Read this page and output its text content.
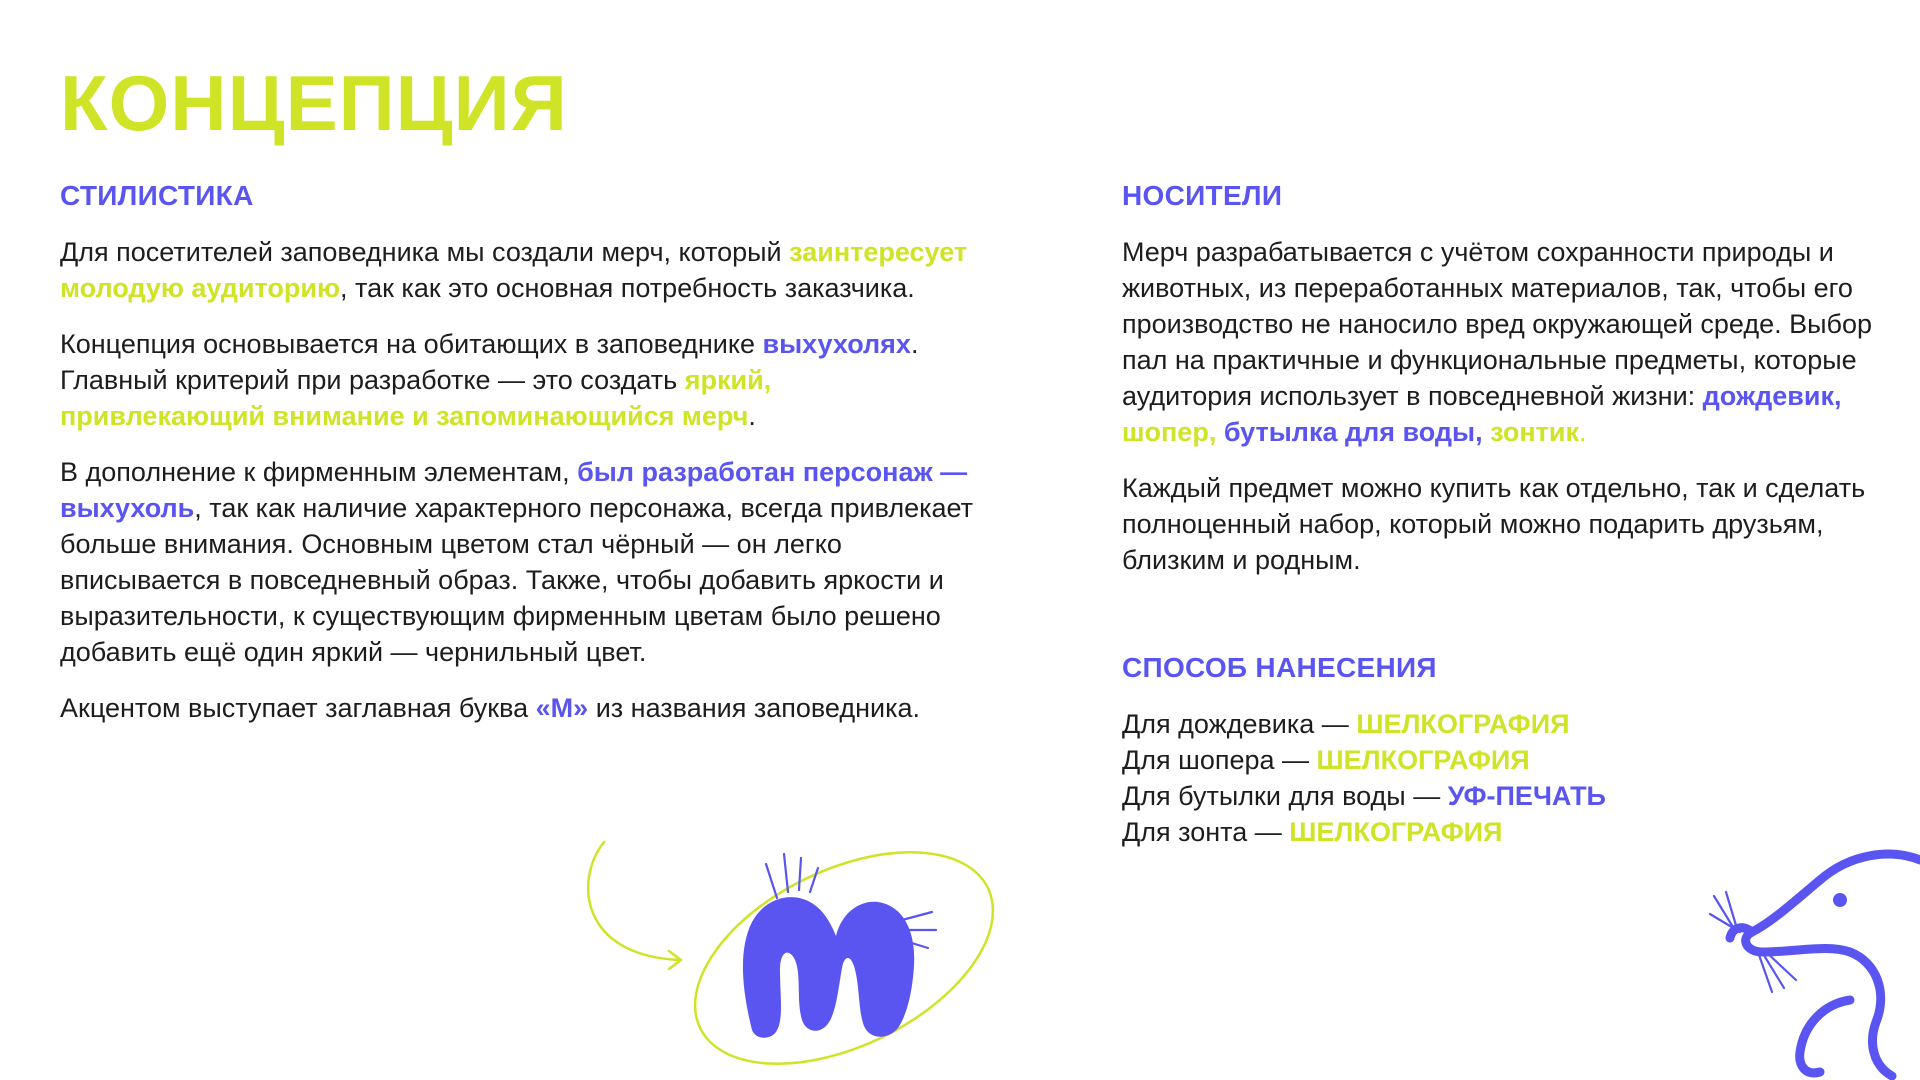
КОНЦЕПЦИЯ
СТИЛИСТИКА

Для посетителей заповедника мы создали мерч, который заинтересует молодую аудиторию, так как это основная потребность заказчика.

Концепция основывается на обитающих в заповеднике выхухолях. Главный критерий при разработке — это создать яркий, привлекающий внимание и запоминающийся мерч.

В дополнение к фирменным элементам, был разработан персонаж — выхухоль, так как наличие характерного персонажа, всегда привлекает больше внимания. Основным цветом стал чёрный — он легко вписывается в повседневный образ. Также, чтобы добавить яркости и выразительности, к существующим фирменным цветам было решено добавить ещё один яркий — чернильный цвет.

Акцентом выступает заглавная буква «М» из названия заповедника.

НОСИТЕЛИ

Мерч разрабатывается с учётом сохранности природы и животных, из переработанных материалов, так, чтобы его производство не наносило вред окружающей среде. Выбор пал на практичные и функциональные предметы, которые аудитория использует в повседневной жизни: дождевик, шопер, бутылка для воды, зонтик.

Каждый предмет можно купить как отдельно, так и сделать полноценный набор, который можно подарить друзьям, близким и родным.

СПОСОБ НАНЕСЕНИЯ
Для дождевика — ШЕЛКОГРАФИЯ
Для шопера — ШЕЛКОГРАФИЯ
Для бутылки для воды — УФ-ПЕЧАТЬ
Для зонта — ШЕЛКОГРАФИЯ
